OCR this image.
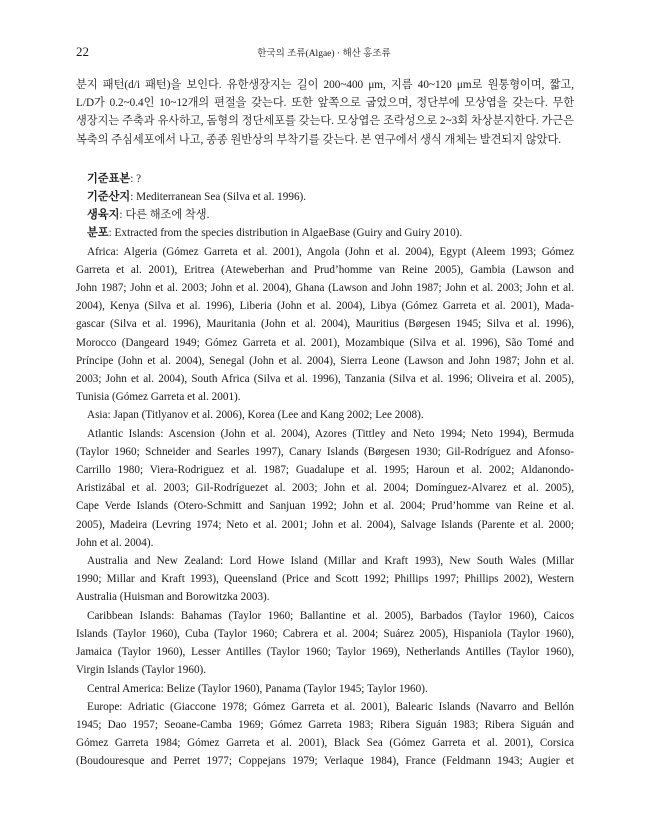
22	한국의 조류(Algae) · 해산 홍조류
분지 패턴(d/i 패턴)을 보인다. 유한생장지는 길이 200~400 μm, 지름 40~120 μm로 원통형이며, 짧고,
L/D가 0.2~0.4인 10~12개의 편절을 갖는다. 또한 앞쪽으로 굽었으며, 정단부에 모상엽을 갖는다. 무한
생장지는 주축과 유사하고, 돔형의 정단세포를 갖는다. 모상엽은 조락성으로 2~3회 차상분지한다. 가근은
복축의 주심세포에서 나고, 종종 원반상의 부착기를 갖는다. 본 연구에서 생식 개체는 발견되지 않았다.
기준표본: ?
기준산지: Mediterranean Sea (Silva et al. 1996).
생육지: 다른 해조에 착생.
분포: Extracted from the species distribution in AlgaeBase (Guiry and Guiry 2010).
Africa: Algeria (Gómez Garreta et al. 2001), Angola (John et al. 2004), Egypt (Aleem 1993; Gómez
Garreta et al. 2001), Eritrea (Ateweberhan and Prud’homme van Reine 2005), Gambia (Lawson and
John 1987; John et al. 2003; John et al. 2004), Ghana (Lawson and John 1987; John et al. 2003; John et al.
2004), Kenya (Silva et al. 1996), Liberia (John et al. 2004), Libya (Gómez Garreta et al. 2001), Mada-
gascar (Silva et al. 1996), Mauritania (John et al. 2004), Mauritius (Børgesen 1945; Silva et al. 1996),
Morocco (Dangeard 1949; Gómez Garreta et al. 2001), Mozambique (Silva et al. 1996), São Tomé and
Príncipe (John et al. 2004), Senegal (John et al. 2004), Sierra Leone (Lawson and John 1987; John et al.
2003; John et al. 2004), South Africa (Silva et al. 1996), Tanzania (Silva et al. 1996; Oliveira et al. 2005),
Tunisia (Gómez Garreta et al. 2001).
Asia: Japan (Titlyanov et al. 2006), Korea (Lee and Kang 2002; Lee 2008).
Atlantic Islands: Ascension (John et al. 2004), Azores (Tittley and Neto 1994; Neto 1994), Bermuda
(Taylor 1960; Schneider and Searles 1997), Canary Islands (Børgesen 1930; Gil-Rodríguez and Afonso-
Carrillo 1980; Viera-Rodriguez et al. 1987; Guadalupe et al. 1995; Haroun et al. 2002; Aldanondo-
Aristizábal et al. 2003; Gil-Rodríguezet al. 2003; John et al. 2004; Domínguez-Alvarez et al. 2005),
Cape Verde Islands (Otero-Schmitt and Sanjuan 1992; John et al. 2004; Prud’homme van Reine et al.
2005), Madeira (Levring 1974; Neto et al. 2001; John et al. 2004), Salvage Islands (Parente et al. 2000;
John et al. 2004).
Australia and New Zealand: Lord Howe Island (Millar and Kraft 1993), New South Wales (Millar
1990; Millar and Kraft 1993), Queensland (Price and Scott 1992; Phillips 1997; Phillips 2002), Western
Australia (Huisman and Borowitzka 2003).
Caribbean Islands: Bahamas (Taylor 1960; Ballantine et al. 2005), Barbados (Taylor 1960), Caicos
Islands (Taylor 1960), Cuba (Taylor 1960; Cabrera et al. 2004; Suárez 2005), Hispaniola (Taylor 1960),
Jamaica (Taylor 1960), Lesser Antilles (Taylor 1960; Taylor 1969), Netherlands Antilles (Taylor 1960),
Virgin Islands (Taylor 1960).
Central America: Belize (Taylor 1960), Panama (Taylor 1945; Taylor 1960).
Europe: Adriatic (Giaccone 1978; Gómez Garreta et al. 2001), Balearic Islands (Navarro and Bellón
1945; Dao 1957; Seoane-Camba 1969; Gómez Garreta 1983; Ribera Siguán 1983; Ribera Siguán and
Gómez Garreta 1984; Gómez Garreta et al. 2001), Black Sea (Gómez Garreta et al. 2001), Corsica
(Boudouresque and Perret 1977; Coppejans 1979; Verlaque 1984), France (Feldmann 1943; Augier et
